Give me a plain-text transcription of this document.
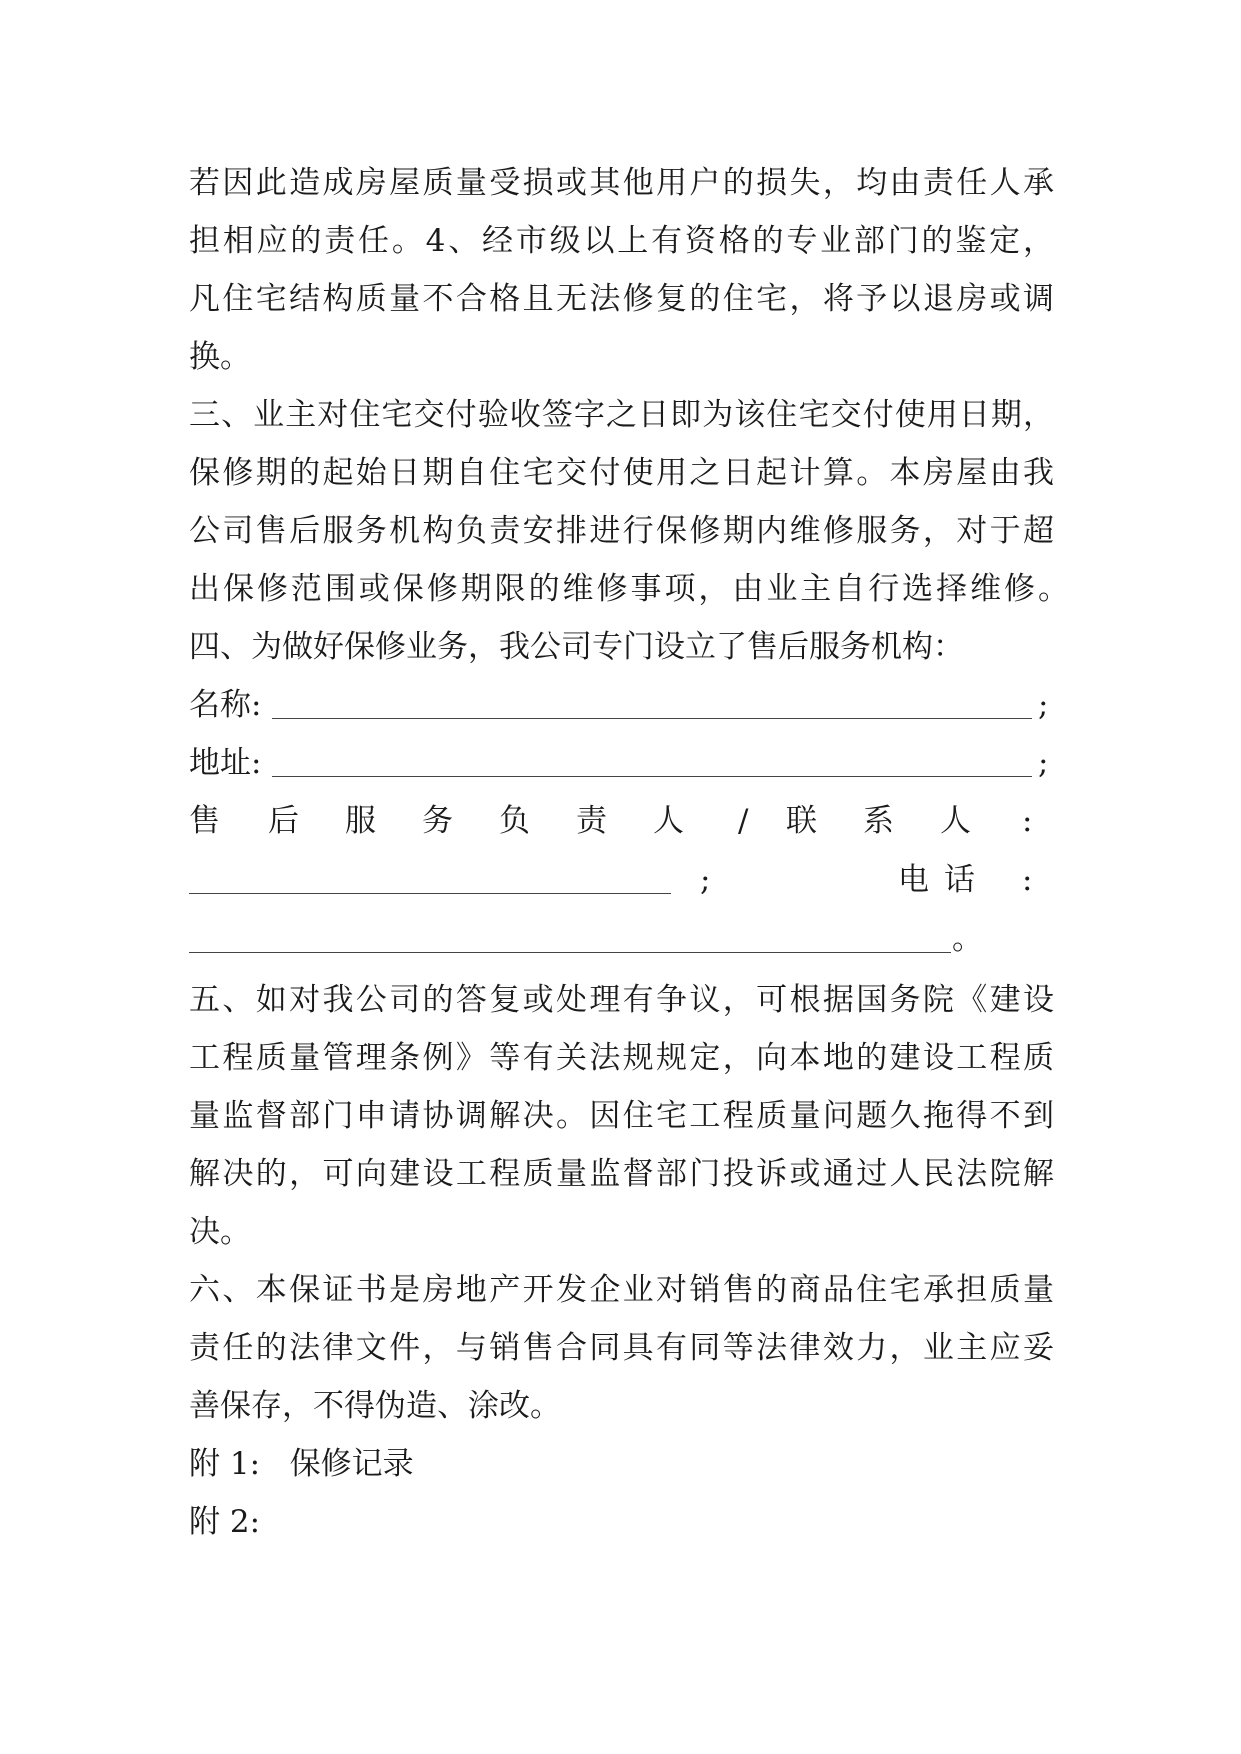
若因此造成房屋质量受损或其他用户的损失，均由责任人承
担相应的责任。4、经市级以上有资格的专业部门的鉴定，
凡住宅结构质量不合格且无法修复的住宅，将予以退房或调
换。
三、业主对住宅交付验收签字之日即为该住宅交付使用日期，
保修期的起始日期自住宅交付使用之日起计算。本房屋由我
公司售后服务机构负责安排进行保修期内维修服务，对于超
出保修范围或保修期限的维修事项，由业主自行选择维修。
四、为做好保修业务，我公司专门设立了售后服务机构：
名称:	;
地址:	;
售 后 服 务 负 责 人 / 联 系 人 :
;	电 话 :
。
五、如对我公司的答复或处理有争议，可根据国务院《建设
工程质量管理条例》等有关法规规定，向本地的建设工程质
量监督部门申请协调解决。因住宅工程质量问题久拖得不到
解决的，可向建设工程质量监督部门投诉或通过人民法院解
决。
六、本保证书是房地产开发企业对销售的商品住宅承担质量
责任的法律文件，与销售合同具有同等法律效力，业主应妥
善保存，不得伪造、涂改。
附 1:   保修记录
附 2:
